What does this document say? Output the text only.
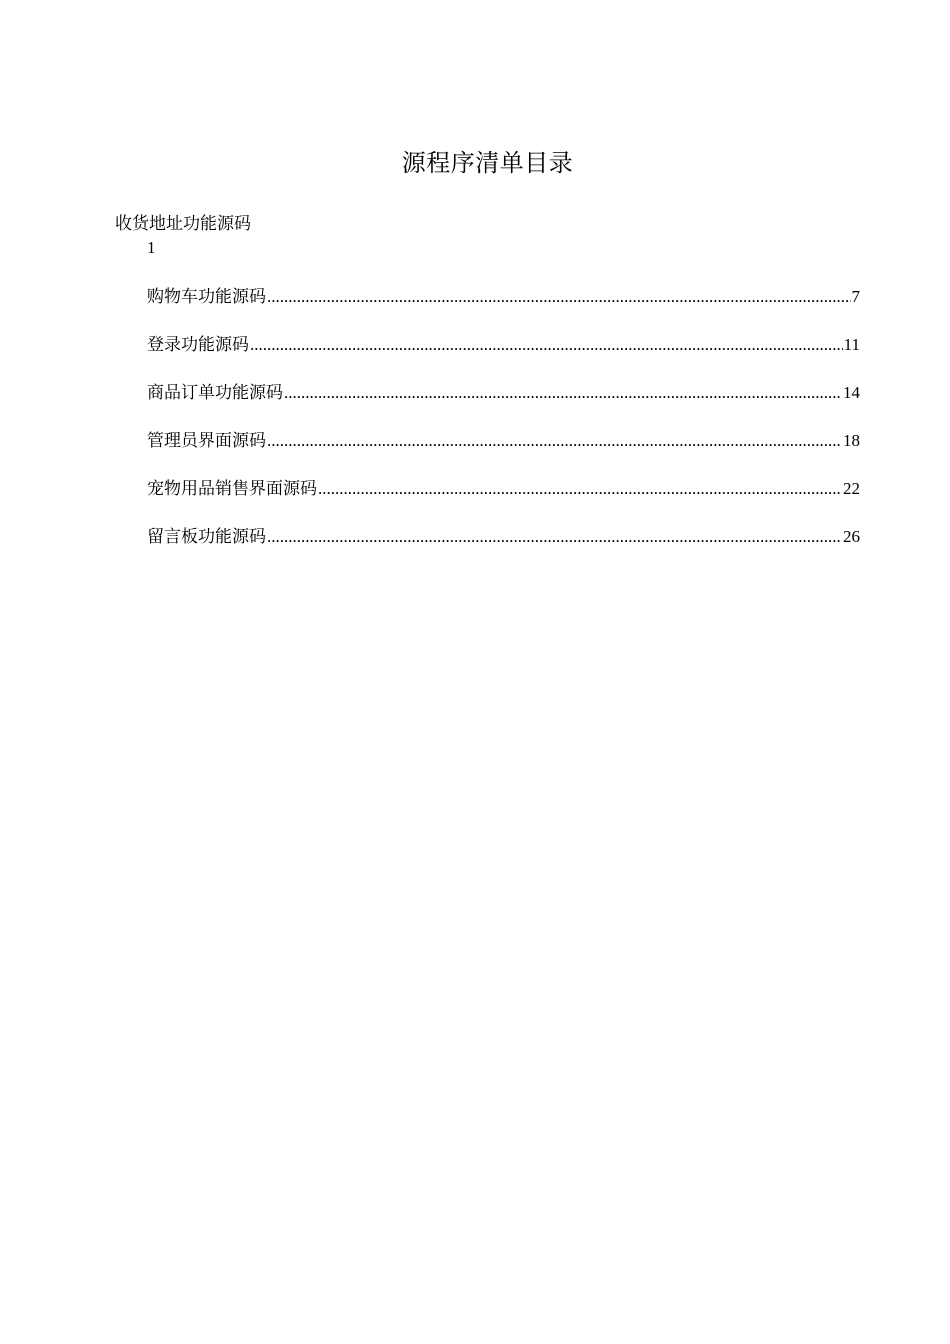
源程序清单目录
收货地址功能源码
1
购物车功能源码 .....	7
登录功能源码 .....	11
商品订单功能源码 .....	14
管理员界面源码 .....	18
宠物用品销售界面源码 .....	22
留言板功能源码 .....	26
